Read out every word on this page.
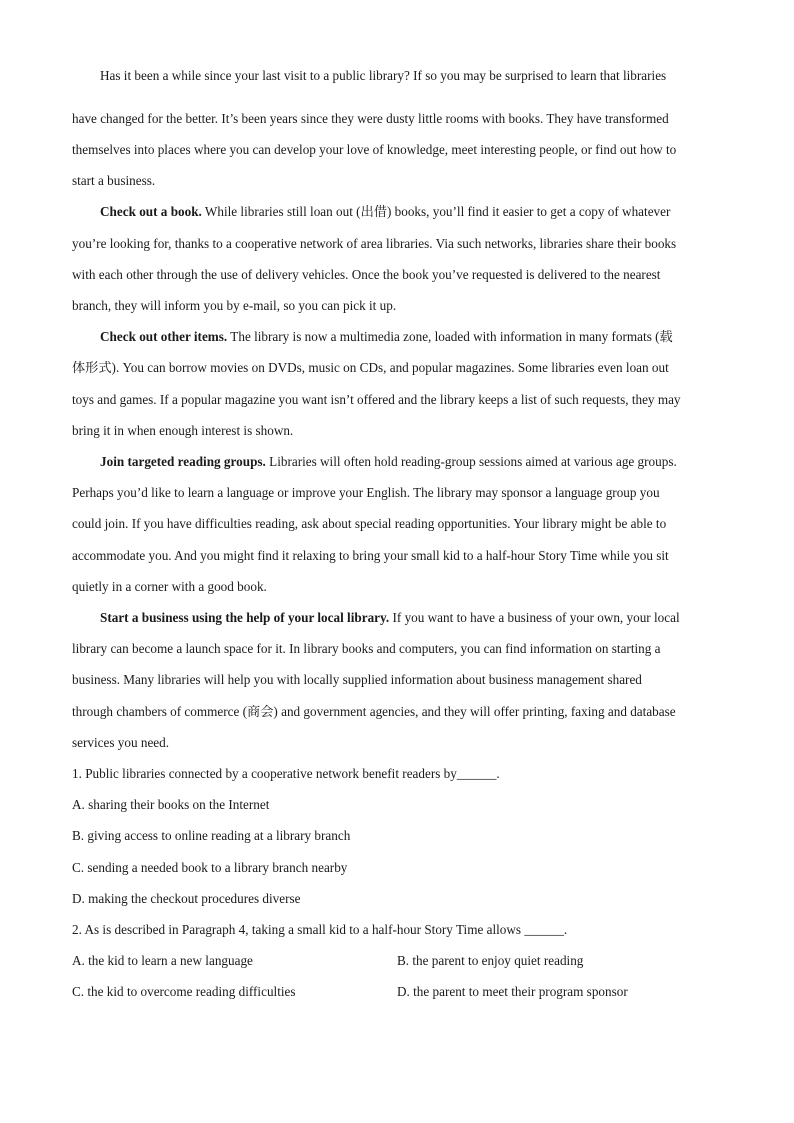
Has it been a while since your last visit to a public library? If so you may be surprised to learn that libraries
have changed for the better. It’s been years since they were dusty little rooms with books. They have transformed
themselves into places where you can develop your love of knowledge, meet interesting people, or find out how to
start a business.
Check out a book. While libraries still loan out (出借) books, you’ll find it easier to get a copy of whatever
you’re looking for, thanks to a cooperative network of area libraries. Via such networks, libraries share their books
with each other through the use of delivery vehicles. Once the book you’ve requested is delivered to the nearest
branch, they will inform you by e-mail, so you can pick it up.
Check out other items. The library is now a multimedia zone, loaded with information in many formats (载
体形式). You can borrow movies on DVDs, music on CDs, and popular magazines. Some libraries even loan out
toys and games. If a popular magazine you want isn’t offered and the library keeps a list of such requests, they may
bring it in when enough interest is shown.
Join targeted reading groups. Libraries will often hold reading-group sessions aimed at various age groups.
Perhaps you’d like to learn a language or improve your English. The library may sponsor a language group you
could join. If you have difficulties reading, ask about special reading opportunities. Your library might be able to
accommodate you. And you might find it relaxing to bring your small kid to a half-hour Story Time while you sit
quietly in a corner with a good book.
Start a business using the help of your local library. If you want to have a business of your own, your local
library can become a launch space for it. In library books and computers, you can find information on starting a
business. Many libraries will help you with locally supplied information about business management shared
through chambers of commerce (商会) and government agencies, and they will offer printing, faxing and database
services you need.
1. Public libraries connected by a cooperative network benefit readers by______.
A. sharing their books on the Internet
B. giving access to online reading at a library branch
C. sending a needed book to a library branch nearby
D. making the checkout procedures diverse
2. As is described in Paragraph 4, taking a small kid to a half-hour Story Time allows ______.
A. the kid to learn a new language	B. the parent to enjoy quiet reading
C. the kid to overcome reading difficulties	D. the parent to meet their program sponsor
